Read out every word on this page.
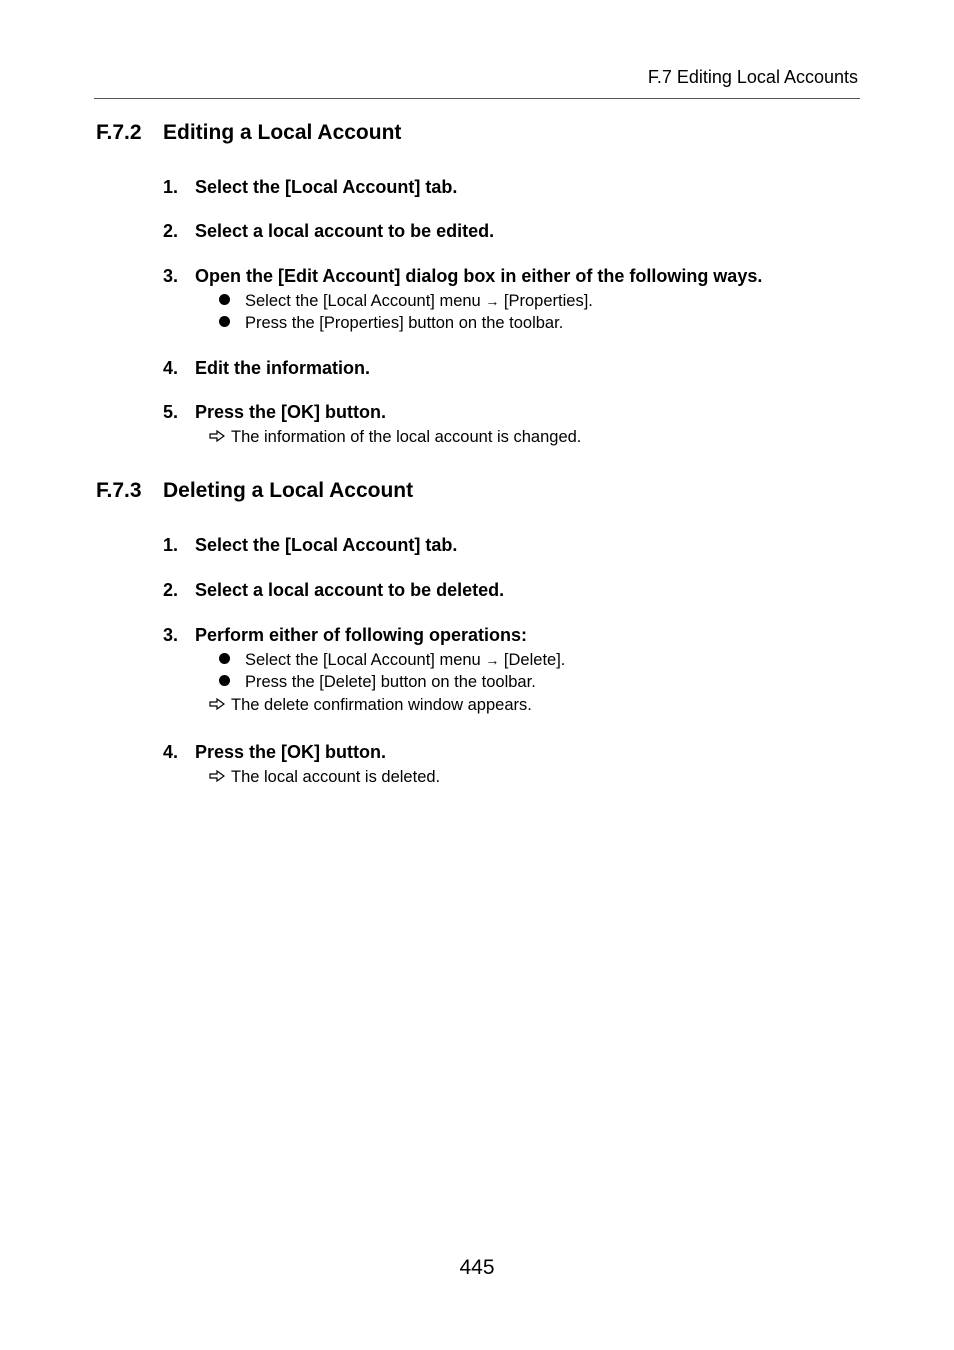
F.7 Editing Local Accounts
F.7.2 Editing a Local Account
1. Select the [Local Account] tab.
2. Select a local account to be edited.
3. Open the [Edit Account] dialog box in either of the following ways.
Select the [Local Account] menu → [Properties].
Press the [Properties] button on the toolbar.
4. Edit the information.
5. Press the [OK] button.
The information of the local account is changed.
F.7.3 Deleting a Local Account
1. Select the [Local Account] tab.
2. Select a local account to be deleted.
3. Perform either of following operations:
Select the [Local Account] menu → [Delete].
Press the [Delete] button on the toolbar.
The delete confirmation window appears.
4. Press the [OK] button.
The local account is deleted.
445
